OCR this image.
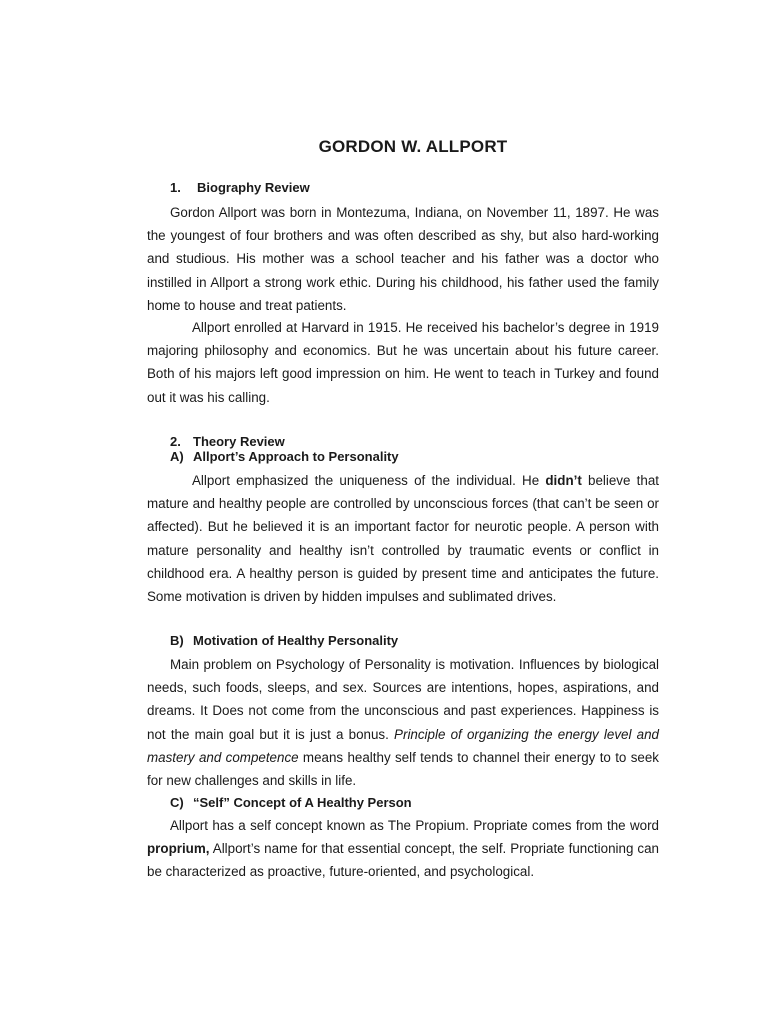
GORDON W. ALLPORT
1. Biography Review
Gordon Allport was born in Montezuma, Indiana, on November 11, 1897. He was the youngest of four brothers and was often described as shy, but also hard-working and studious. His mother was a school teacher and his father was a doctor who instilled in Allport a strong work ethic. During his childhood, his father used the family home to house and treat patients.
Allport enrolled at Harvard in 1915. He received his bachelor’s degree in 1919 majoring philosophy and economics. But he was uncertain about his future career. Both of his majors left good impression on him. He went to teach in Turkey and found out it was his calling.
2. Theory Review
A) Allport’s Approach to Personality
Allport emphasized the uniqueness of the individual. He didn’t believe that mature and healthy people are controlled by unconscious forces (that can’t be seen or affected). But he believed it is an important factor for neurotic people. A person with mature personality and healthy isn’t controlled by traumatic events or conflict in childhood era. A healthy person is guided by present time and anticipates the future. Some motivation is driven by hidden impulses and sublimated drives.
B) Motivation of Healthy Personality
Main problem on Psychology of Personality is motivation. Influences by biological needs, such foods, sleeps, and sex. Sources are intentions, hopes, aspirations, and dreams. It Does not come from the unconscious and past experiences. Happiness is not the main goal but it is just a bonus. Principle of organizing the energy level and mastery and competence means healthy self tends to channel their energy to to seek for new challenges and skills in life.
C) “Self” Concept of A Healthy Person
Allport has a self concept known as The Propium. Propriate comes from the word proprium, Allport’s name for that essential concept, the self. Propriate functioning can be characterized as proactive, future-oriented, and psychological.
